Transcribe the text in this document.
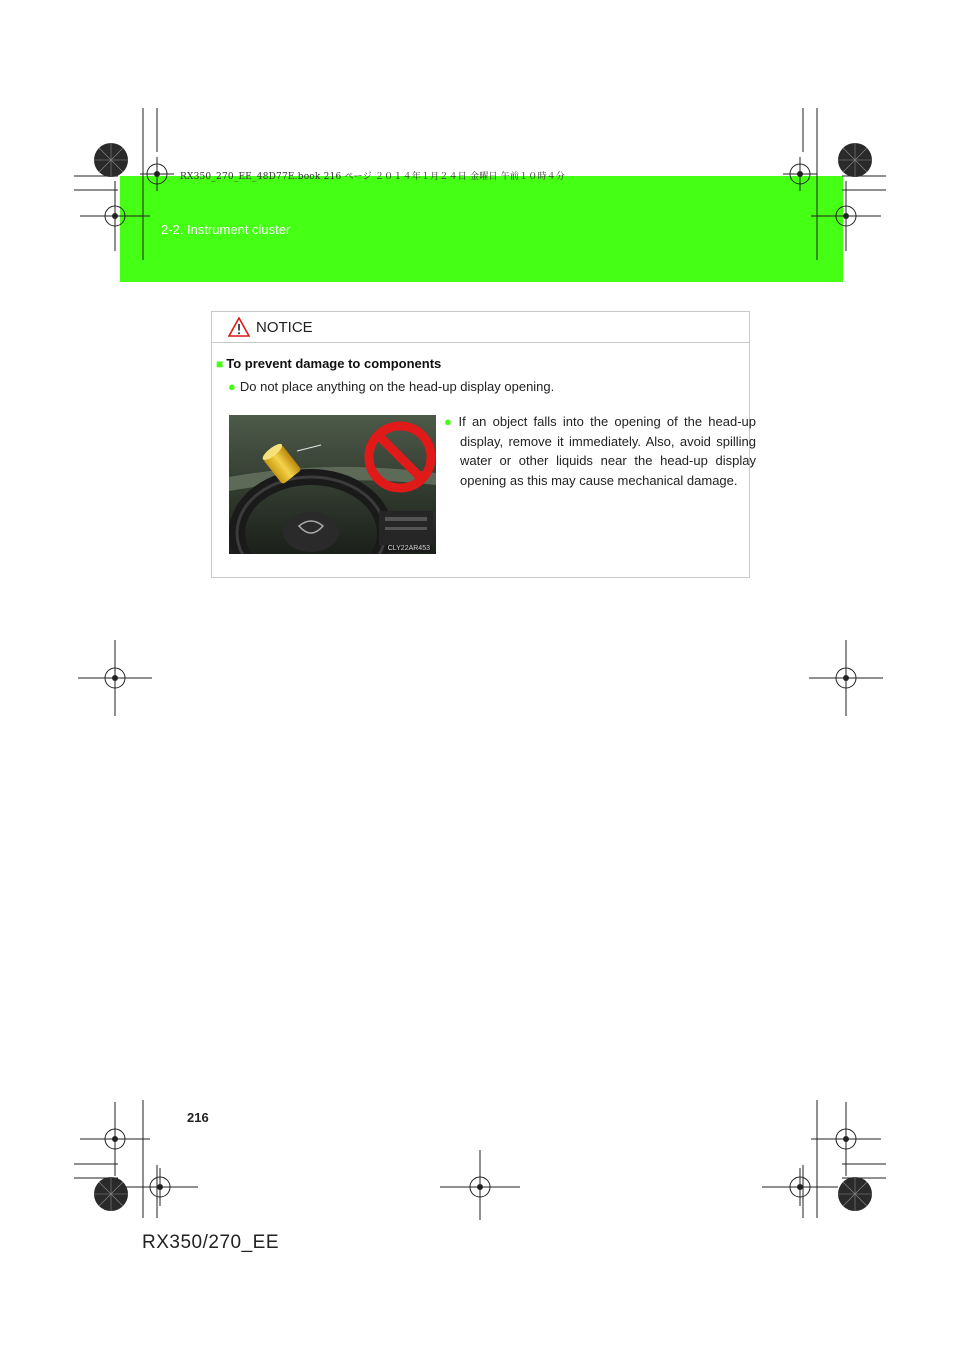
RX350_270_EE_48D77E.book 216 ページ ２０１４年１月２４日 金曜日 午前１０時４分
2-2. Instrument cluster
NOTICE
■ To prevent damage to components
● Do not place anything on the head-up display opening.
CLY22AR453
● If an object falls into the opening of the head-up display, remove it immediately. Also, avoid spilling water or other liquids near the head-up display opening as this may cause mechanical damage.
216
RX350/270_EE
